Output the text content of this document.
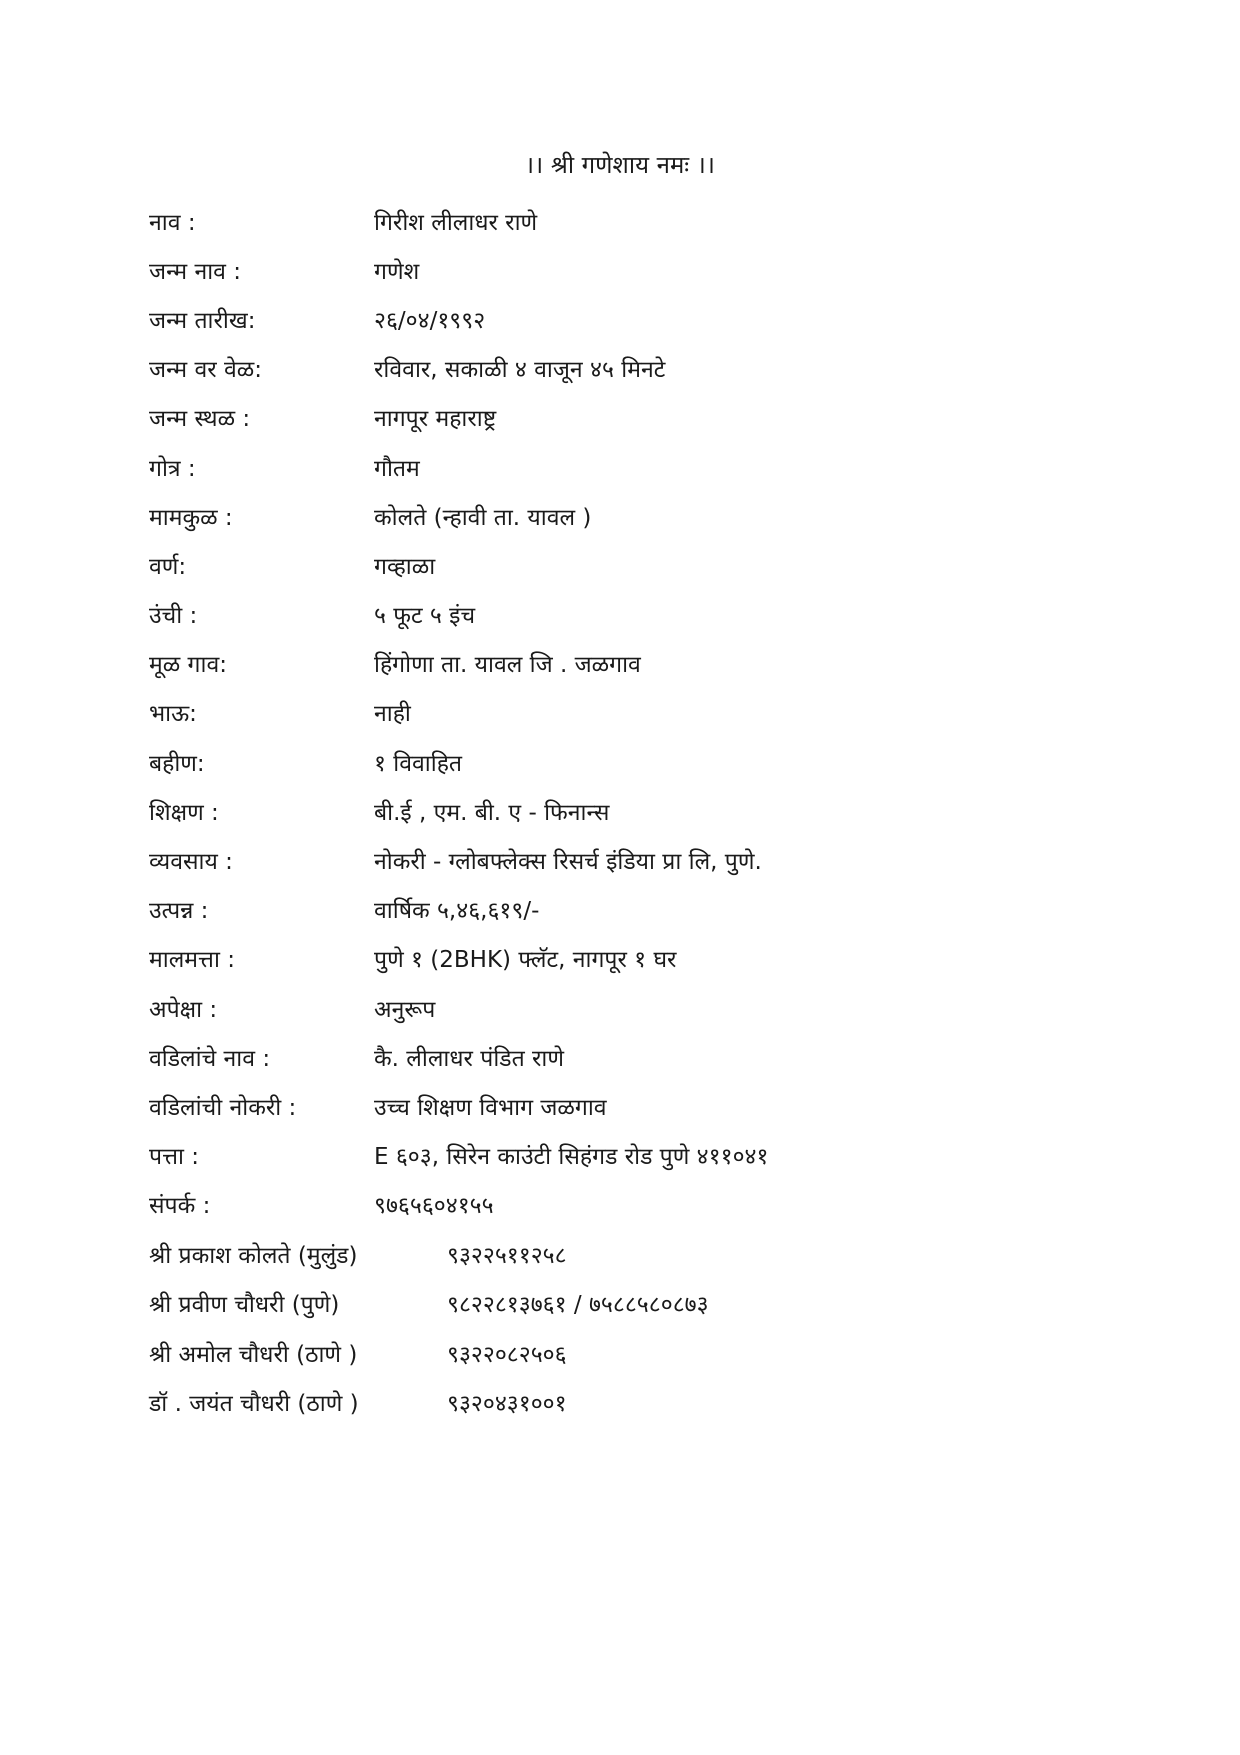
।। श्री गणेशाय नमः ।।
नाव :	गिरीश लीलाधर राणे
जन्म नाव :	गणेश
जन्म तारीख:	२६/०४/१९९२
जन्म वर वेळ:	रविवार, सकाळी ४ वाजून ४५ मिनटे
जन्म स्थळ :	नागपूर महाराष्ट्र
गोत्र :	गौतम
मामकुळ :	कोलते (न्हावी ता. यावल )
वर्ण:	गव्हाळा
उंची :	५ फूट ५ इंच
मूळ गाव:	हिंगोणा ता. यावल जि . जळगाव
भाऊ:	नाही
बहीण:	१ विवाहित
शिक्षण :	बी.ई , एम. बी. ए - फिनान्स
व्यवसाय :	नोकरी - ग्लोबफ्लेक्स रिसर्च इंडिया प्रा लि, पुणे.
उत्पन्न :	वार्षिक ५,४६,६१९/-
मालमत्ता :	पुणे १ (2BHK) फ्लॅट, नागपूर १ घर
अपेक्षा :	अनुरूप
वडिलांचे नाव :	कै. लीलाधर पंडित राणे
वडिलांची नोकरी :	उच्च शिक्षण विभाग जळगाव
पत्ता :	E ६०३, सिरेन काउंटी सिहंगड रोड पुणे ४११०४१
संपर्क :	९७६५६०४१५५
श्री प्रकाश कोलते (मुलुंड)	९३२२५११२५८
श्री प्रवीण चौधरी (पुणे)	९८२२८१३७६१ / ७५८८५८०८७३
श्री अमोल चौधरी (ठाणे )	९३२२०८२५०६
डॉ . जयंत चौधरी (ठाणे )	९३२०४३१००१
